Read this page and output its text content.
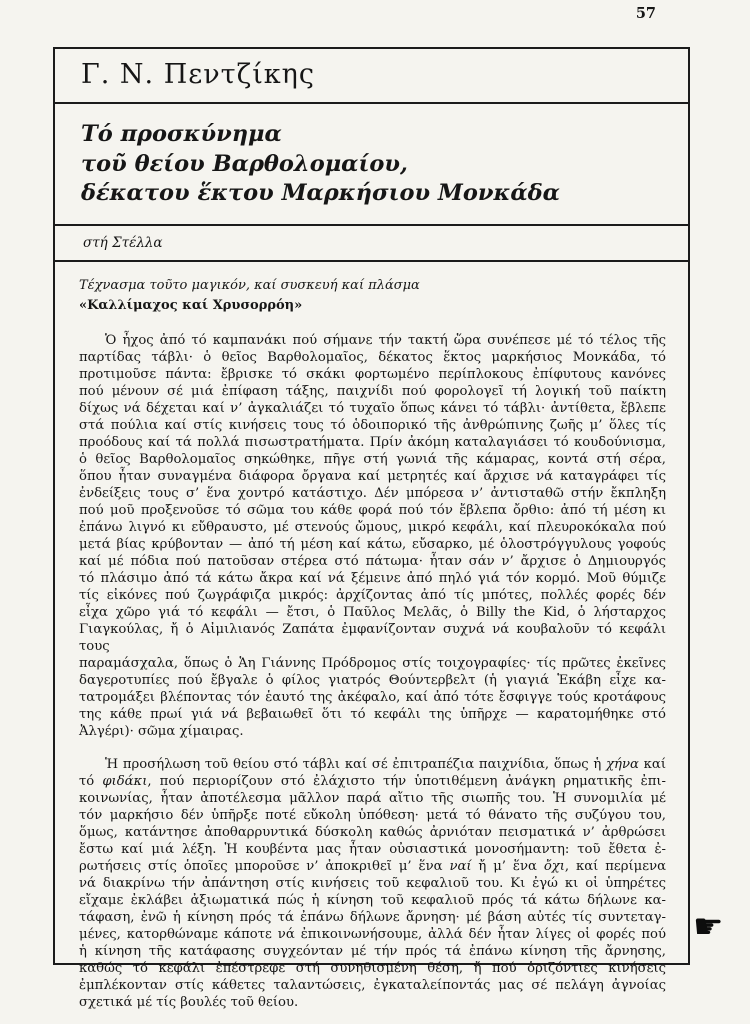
57
Γ. Ν. Πεντζίκης
Τό προσκύνημα
τοῦ θείου Βαρθολομαίου,
δέκατου ἕκτου Μαρκήσιου Μονκάδα
στή Στέλλα
Τέχνασμα τοῦτο μαγικόν, καί συσκευή καί πλάσμα
«Καλλίμαχος καί Χρυσορρόη»
Ὁ ἦχος ἀπό τό καμπανάκι πού σήμανε τήν τακτή ὥρα συνέπεσε μέ τό τέλος τῆς
παρτίδας τάβλι· ὁ θεῖος Βαρθολομαῖος, δέκατος ἕκτος μαρκήσιος Μονκάδα, τό
προτιμοῦσε πάντα: ἔβρισκε τό σκάκι φορτωμένο περίπλοκους ἐπίφυτους κανόνες
πού μένουν σέ μιά ἐπίφαση τάξης, παιχνίδι πού φορολογεῖ τή λογική τοῦ παίκτη
δίχως νά δέχεται καί ν’ ἀγκαλιάζει τό τυχαῖο ὅπως κάνει τό τάβλι· ἀντίθετα, ἔβλεπε
στά πούλια καί στίς κινήσεις τους τό ὁδοιπορικό τῆς ἀνθρώπινης ζωῆς μ’ ὅλες τίς
προόδους καί τά πολλά πισωστρατήματα. Πρίν ἀκόμη καταλαγιάσει τό κουδούνισμα,
ὁ θεῖος Βαρθολομαῖος σηκώθηκε, πῆγε στή γωνιά τῆς κάμαρας, κοντά στή σέρα,
ὅπου ἦταν συναγμένα διάφορα ὄργανα καί μετρητές καί ἄρχισε νά καταγράφει τίς
ἐνδείξεις τους σ’ ἕνα χοντρό κατάστιχο. Δέν μπόρεσα ν’ ἀντισταθῶ στήν ἔκπληξη
πού μοῦ προξενοῦσε τό σῶμα του κάθε φορά πού τόν ἔβλεπα ὄρθιο: ἀπό τή μέση κι
ἐπάνω λιγνό κι εὔθραυστο, μέ στενούς ὤμους, μικρό κεφάλι, καί πλευροκόκαλα πού
μετά βίας κρύβονταν — ἀπό τή μέση καί κάτω, εὔσαρκο, μέ ὁλοστρόγγυλους γοφούς
καί μέ πόδια πού πατοῦσαν στέρεα στό πάτωμα· ἦταν σάν ν’ ἄρχισε ὁ Δημιουργός
τό πλάσιμο ἀπό τά κάτω ἄκρα καί νά ξέμεινε ἀπό πηλό γιά τόν κορμό. Μοῦ θύμιζε
τίς εἰκόνες πού ζωγράφιζα μικρός: ἀρχίζοντας ἀπό τίς μπότες, πολλές φορές δέν
εἶχα χῶρο γιά τό κεφάλι — ἔτσι, ὁ Παῦλος Μελᾶς, ὁ Billy the Kid, ὁ λήσταρχος
Γιαγκούλας, ἤ ὁ Αἰμιλιανός Ζαπάτα ἐμφανίζονταν συχνά νά κουβαλοῦν τό κεφάλι τους
παραμάσχαλα, ὅπως ὁ Ἁη Γιάννης Πρόδρομος στίς τοιχογραφίες· τίς πρῶτες ἐκεῖνες
δαγεροτυπίες πού ἔβγαλε ὁ φίλος γιατρός Θούντερβελτ (ἡ γιαγιά Ἑκάβη εἶχε κα-
τατρομάξει βλέποντας τόν ἑαυτό της ἀκέφαλο, καί ἀπό τότε ἔσφιγγε τούς κροτάφους
της κάθε πρωί γιά νά βεβαιωθεῖ ὅτι τό κεφάλι της ὑπῆρχε — καρατομήθηκε στό
Ἀλγέρι)· σῶμα χίμαιρας.
Ἡ προσήλωση τοῦ θείου στό τάβλι καί σέ ἐπιτραπέζια παιχνίδια, ὅπως ἡ χήνα καί
τό φιδάκι, πού περιορίζουν στό ἐλάχιστο τήν ὑποτιθέμενη ἀνάγκη ρηματικῆς ἐπι-
κοινωνίας, ἦταν ἀποτέλεσμα μᾶλλον παρά αἴτιο τῆς σιωπῆς του. Ἡ συνομιλία μέ
τόν μαρκήσιο δέν ὑπῆρξε ποτέ εὔκολη ὑπόθεση· μετά τό θάνατο τῆς συζύγου του,
ὅμως, κατάντησε ἀποθαρρυντικά δύσκολη καθώς ἀρνιόταν πεισματικά ν’ ἀρθρώσει
ἔστω καί μιά λέξη. Ἡ κουβέντα μας ἦταν οὐσιαστικά μονοσήμαντη: τοῦ ἔθετα ἐ-
ρωτήσεις στίς ὁποῖες μποροῦσε ν’ ἀποκριθεῖ μ’ ἕνα ναί ἤ μ’ ἕνα ὄχι, καί περίμενα
νά διακρίνω τήν ἀπάντηση στίς κινήσεις τοῦ κεφαλιοῦ του. Κι ἐγώ κι οἱ ὑπηρέτες
εἴχαμε ἐκλάβει ἀξιωματικά πώς ἡ κίνηση τοῦ κεφαλιοῦ πρός τά κάτω δήλωνε κα-
τάφαση, ἐνῶ ἡ κίνηση πρός τά ἐπάνω δήλωνε ἄρνηση· μέ βάση αὐτές τίς συντεταγ-
μένες, κατορθώναμε κάποτε νά ἐπικοινωνήσουμε, ἀλλά δέν ἦταν λίγες οἱ φορές πού
ἡ κίνηση τῆς κατάφασης συγχεόνταν μέ τήν πρός τά ἐπάνω κίνηση τῆς ἄρνησης,
καθώς τό κεφάλι ἐπέστρεφε στή συνηθισμένη θέση, ἤ πού ὁριζόντιες κινήσεις
ἐμπλέκονταν στίς κάθετες ταλαντώσεις, ἐγκαταλείποντάς μας σέ πελάγη ἀγνοίας
σχετικά μέ τίς βουλές τοῦ θείου.
☛
